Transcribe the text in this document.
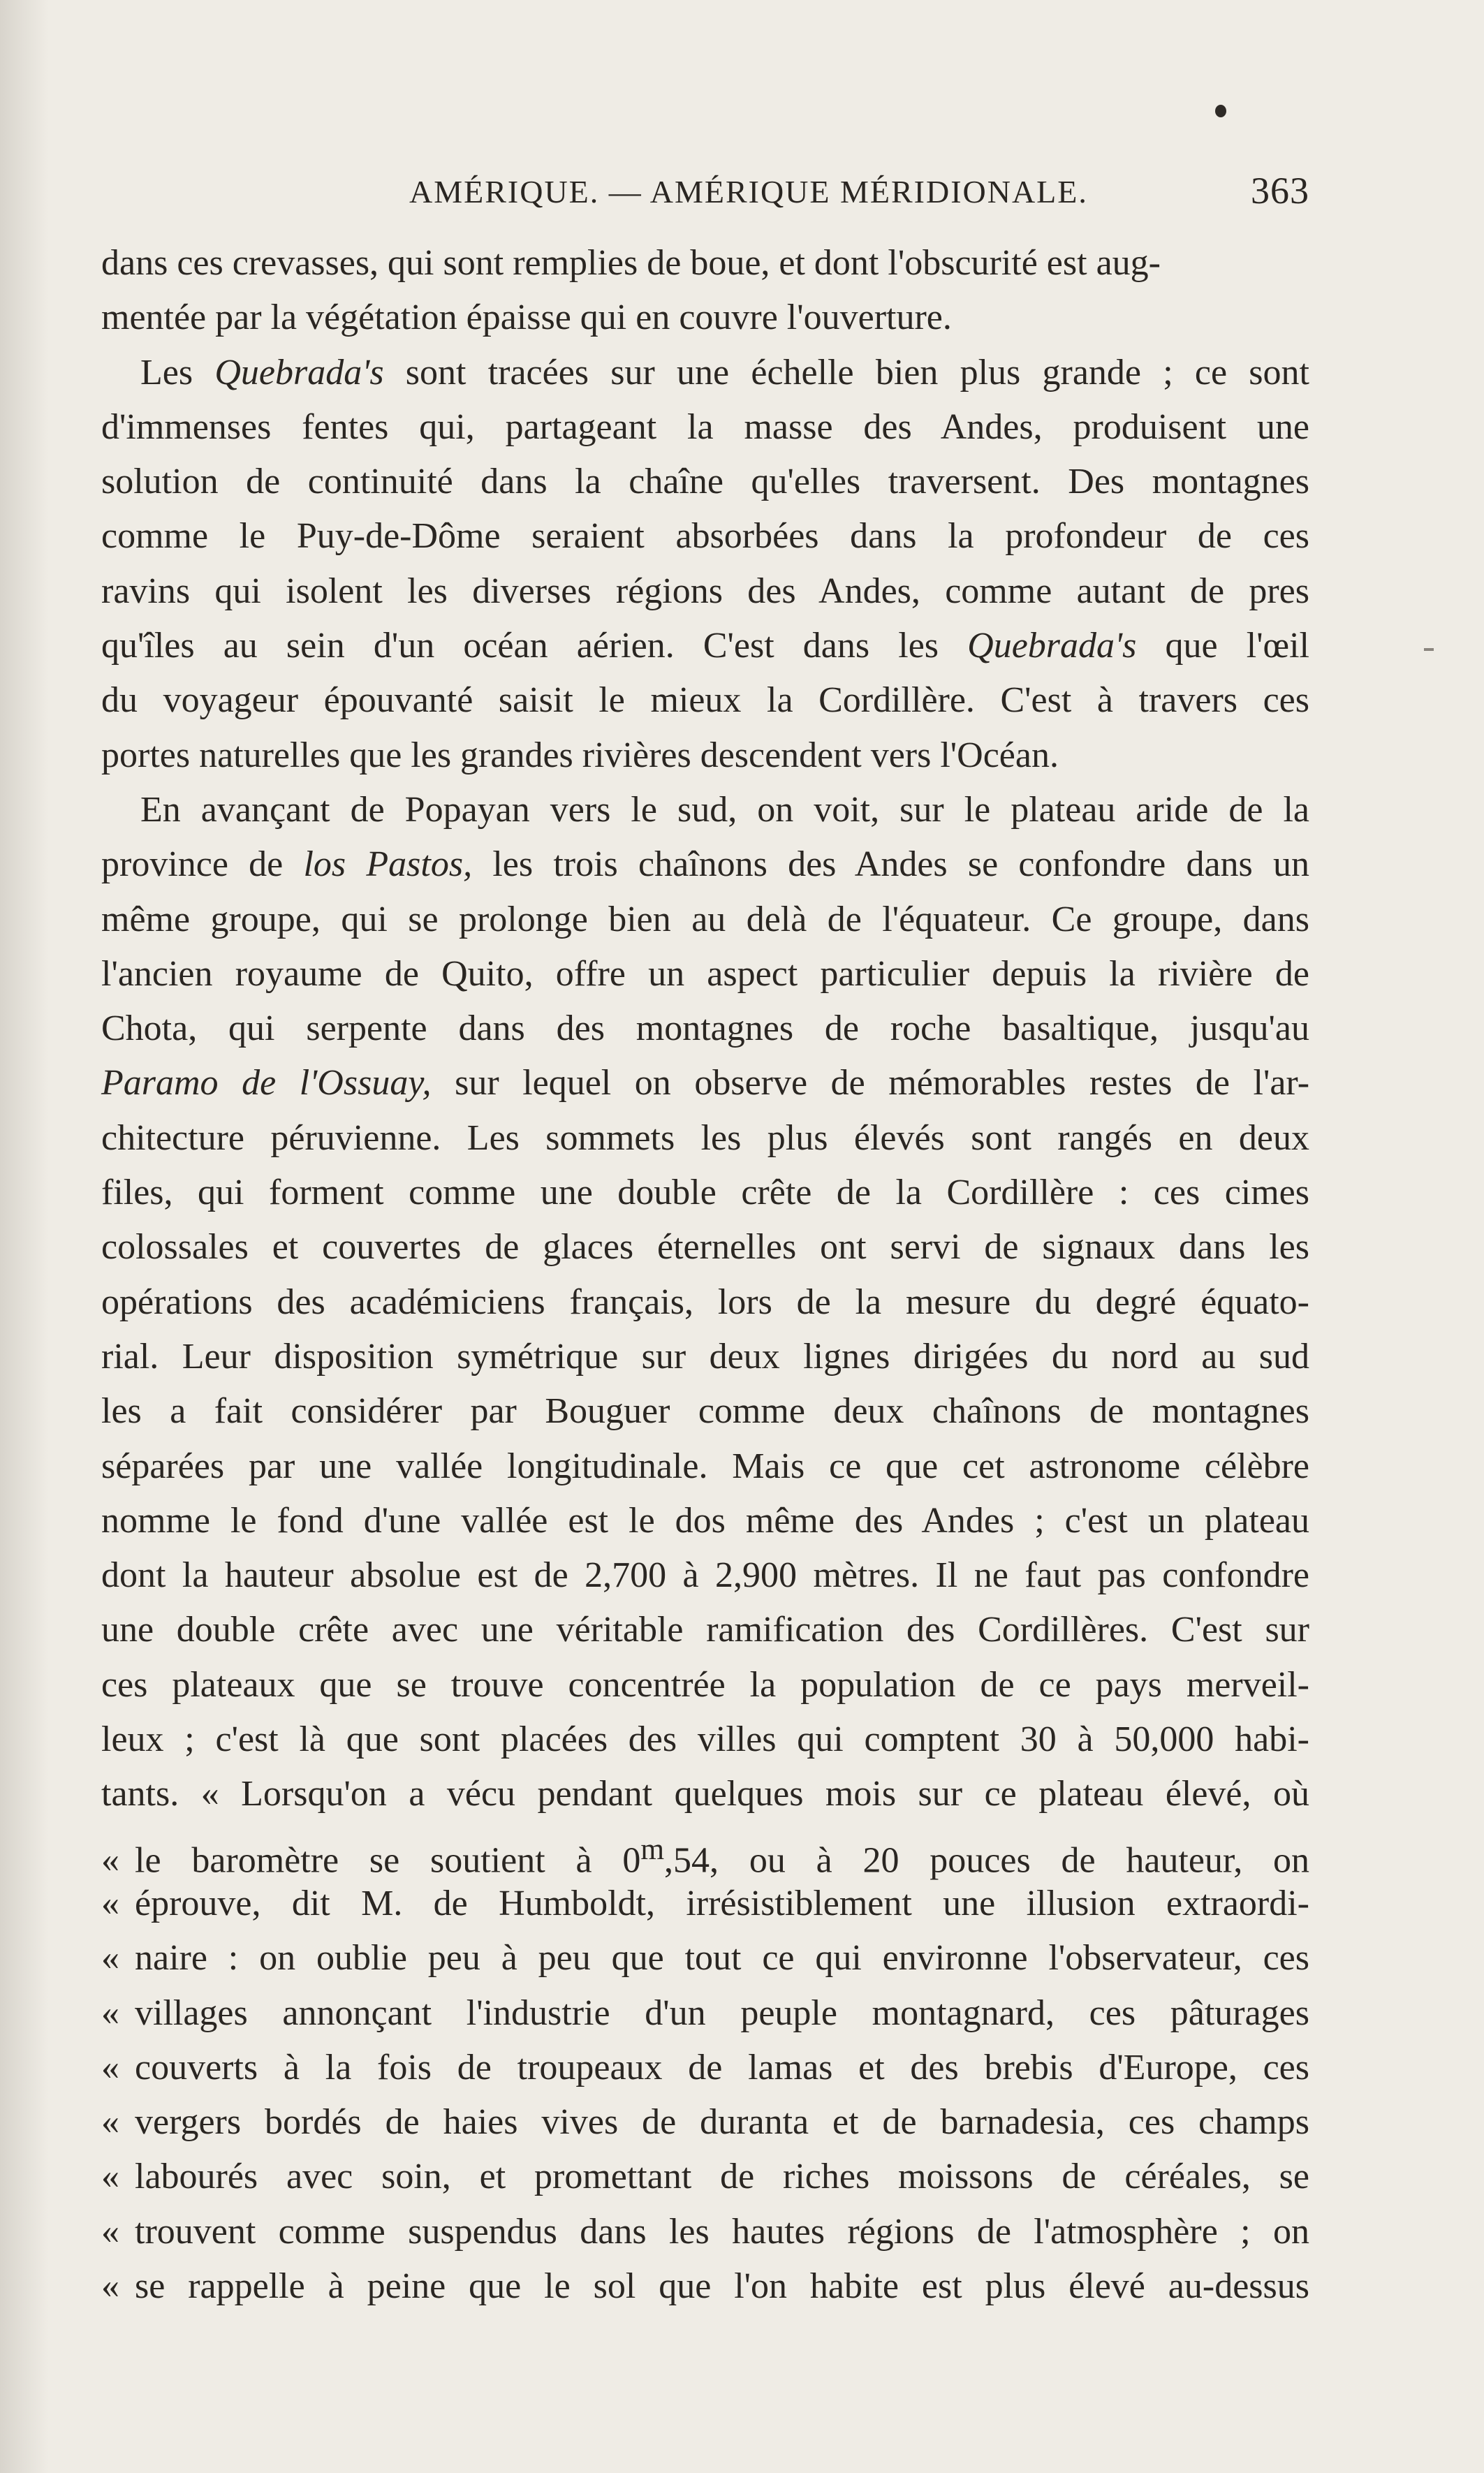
AMÉRIQUE. — AMÉRIQUE MÉRIDIONALE.	363
dans ces crevasses, qui sont remplies de boue, et dont l'obscurité est aug-
mentée par la végétation épaisse qui en couvre l'ouverture.
Les Quebrada's sont tracées sur une échelle bien plus grande ; ce sont
d'immenses fentes qui, partageant la masse des Andes, produisent une
solution de continuité dans la chaîne qu'elles traversent. Des montagnes
comme le Puy-de-Dôme seraient absorbées dans la profondeur de ces
ravins qui isolent les diverses régions des Andes, comme autant de pres
qu'îles au sein d'un océan aérien. C'est dans les Quebrada's que l'œil
du voyageur épouvanté saisit le mieux la Cordillère. C'est à travers ces
portes naturelles que les grandes rivières descendent vers l'Océan.
En avançant de Popayan vers le sud, on voit, sur le plateau aride de la
province de los Pastos, les trois chaînons des Andes se confondre dans un
même groupe, qui se prolonge bien au delà de l'équateur. Ce groupe, dans
l'ancien royaume de Quito, offre un aspect particulier depuis la rivière de
Chota, qui serpente dans des montagnes de roche basaltique, jusqu'au
Paramo de l'Ossuay, sur lequel on observe de mémorables restes de l'ar-
chitecture péruvienne. Les sommets les plus élevés sont rangés en deux
files, qui forment comme une double crête de la Cordillère : ces cimes
colossales et couvertes de glaces éternelles ont servi de signaux dans les
opérations des académiciens français, lors de la mesure du degré équato-
rial. Leur disposition symétrique sur deux lignes dirigées du nord au sud
les a fait considérer par Bouguer comme deux chaînons de montagnes
séparées par une vallée longitudinale. Mais ce que cet astronome célèbre
nomme le fond d'une vallée est le dos même des Andes ; c'est un plateau
dont la hauteur absolue est de 2,700 à 2,900 mètres. Il ne faut pas confondre
une double crête avec une véritable ramification des Cordillères. C'est sur
ces plateaux que se trouve concentrée la population de ce pays merveil-
leux ; c'est là que sont placées des villes qui comptent 30 à 50,000 habi-
tants. « Lorsqu'on a vécu pendant quelques mois sur ce plateau élevé, où
« le baromètre se soutient à 0$^m$,54, ou à 20 pouces de hauteur, on
« éprouve, dit M. de Humboldt, irrésistiblement une illusion extraordi-
« naire : on oublie peu à peu que tout ce qui environne l'observateur, ces
« villages annonçant l'industrie d'un peuple montagnard, ces pâturages
« couverts à la fois de troupeaux de lamas et des brebis d'Europe, ces
« vergers bordés de haies vives de duranta et de barnadesia, ces champs
« labourés avec soin, et promettant de riches moissons de céréales, se
« trouvent comme suspendus dans les hautes régions de l'atmosphère ; on
« se rappelle à peine que le sol que l'on habite est plus élevé au-dessus
